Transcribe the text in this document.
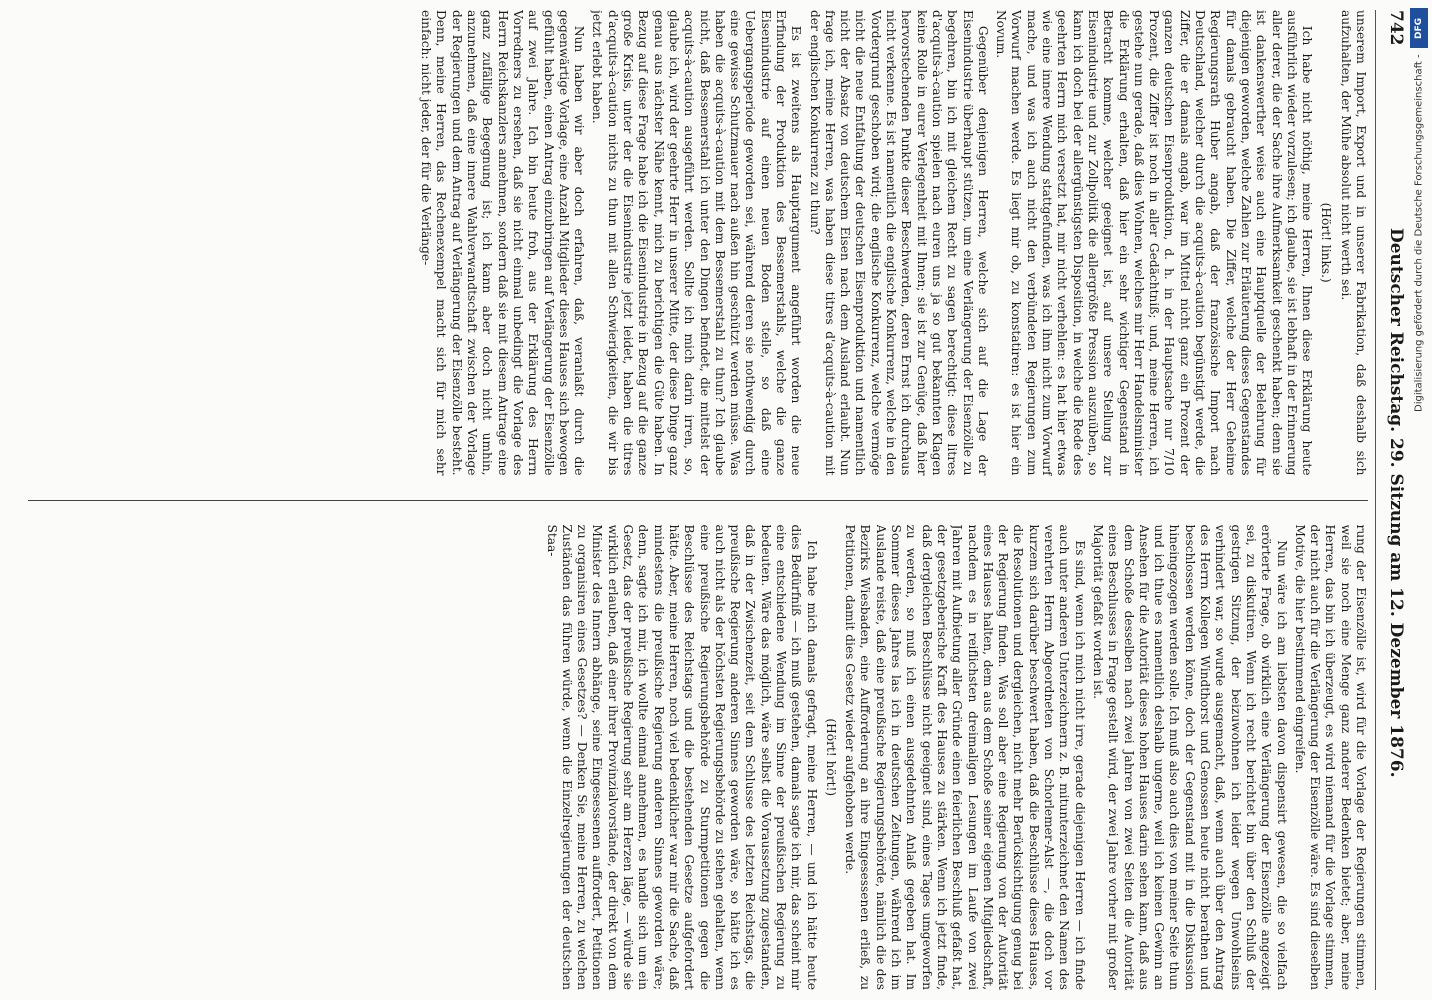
742
Deutscher Reichstag. 29. Sitzung am 12. Dezember 1876.

unserem Import, Export und in unserer Fabrikation, daß deshalb sich aufzuhalten, der Mühe absolut nicht werth sei.

(Hört! links.)

Ich habe nicht nöthig, meine Herren, Ihnen diese Erklärung heute ausführlich wieder vorzulesen; ich glaube, sie ist lebhaft in der Erinnerung aller derer, die der Sache ihre Aufmerksamkeit geschenkt haben; denn sie ist dankenswerther weise auch eine Hauptquelle der Belehrung für diejenigen geworden, welche Zahlen zur Erläuterung dieses Gegenstandes für damals gebraucht haben. Die Ziffer, welche der Herr Geheime Regierungsrath Huber angab, daß der französische Import nach Deutschland, welcher durch die acquits-à-caution begünstigt werde, die Ziffer, die er damals angab, war im Mittel nicht ganz ein Prozent der ganzen deutschen Eisenproduktion, d. h. in der Hauptsache nur 7/10 Prozent, die Ziffer ist noch in aller Gedächtniß; und, meine Herren, ich gestehe nun gerade, daß dies Wohnen, welches mir Herr Handelsminister die Erklärung erhalten, daß hier ein sehr wichtiger Gegenstand in Betracht komme, welcher geeignet ist, auf unsere Stellung zur Eisenindustrie und zur Zollpolitik die allergrößte Pression auszuüben, so kann ich doch bei der allergünstigsten Disposition, in welche die Rede des geehrten Herrn mich versetzt hat, mir nicht verhehlen: es hat hier etwas wie eine innere Wendung stattgefunden, was ich ihm nicht zum Vorwurf mache, und was ich auch nicht den verbündeten Regierungen zum Vorwurf machen werde. Es liegt mir ob, zu konstatiren: es ist hier ein Novum.

Gegenüber denjenigen Herren, welche sich auf die Lage der Eisenindustrie überhaupt stützen, um eine Verlängerung der Eisenzölle zu begehren, bin ich mit gleichem Recht zu sagen berechtigt: diese litres d'acquits-à-caution spielen nach euren uns ja so gut bekannten Klagen keine Rolle in eurer Verlegenheit mit Ihnen; sie ist zur Genüge, daß hier hervorstechenden Punkte dieser Beschwerden, deren Ernst ich durchaus nicht verkenne. Es ist namentlich die englische Konkurrenz, welche in den Vordergrund geschoben wird; die englische Konkurrenz, welche vermöge nicht die neue Entfaltung der deutschen Eisenproduktion und namentlich nicht der Absatz von deutschem Eisen nach dem Ausland erlaubt. Nun frage ich, meine Herren, was haben diese titres d'acquits-à-caution mit der englischen Konkurrenz zu thun?

Es ist zweitens als Hauptargument angeführt worden die neue Erfindung der Produktion des Bessemerstahls, welche die ganze Eisenindustrie auf einen neuen Boden stelle, so daß eine Uebergangsperiode geworden sei, während deren sie nothwendig durch eine gewisse Schutzmauer nach außen hin geschützt werden müsse. Was haben die acquits-à-caution mit dem Bessemerstahl zu thun? Ich glaube nicht, daß Bessemerstahl ich unter den Dingen befindet, die mittelst der acquits-à-caution ausgeführt werden. Sollte ich mich darin irren, so, glaube ich, wird der geehrte Herr in unserer Mitte, der diese Dinge ganz genau aus nächster Nähe kennt, mich zu berichtigen die Güte haben. In Bezug auf diese Frage habe ich die Eisenindustrie in Bezug auf die ganze große Krisis, unter der die Eisenindustrie jetzt leidet, haben die titres d'acquits-à-caution nichts zu thun mit allen Schwierigkeiten, die wir bis jetzt erlebt haben.

Nun haben wir aber doch erfahren, daß, veranlaßt durch die gegenwärtige Vorlage, eine Anzahl Mitglieder dieses Hauses sich bewogen gefühlt haben, einen Antrag einzubringen auf Verlängerung der Eisenzölle auf zwei Jahre. Ich bin heute froh, aus der Erklärung des Herrn Vorredners zu ersehen, daß sie nicht einmal unbedingt die Vorlage des Herrn Reichskanzlers annehmen, sondern daß sie mit diesem Antrage eine ganz zufällige Begegnung ist; ich kann aber doch nicht umhin, anzunehmen, daß eine innere Wahlverwandtschaft zwischen der Vorlage der Regierungen und dem Antrag auf Verlängerung der Eisenzölle besteht. Denn, meine Herren, das Rechenexempel macht sich für mich sehr einfach: nicht jeder, der für die Verlänge-

rung der Eisenzölle ist, wird für die Vorlage der Regierungen stimmen, weil sie noch eine Menge ganz anderer Bedenken bietet; aber, meine Herren, das bin ich überzeugt, es wird niemand für die Vorlage stimmen, der nicht auch für die Verlängerung der Eisenzölle wäre. Es sind dieselben Motive, die hier bestimmend eingreifen.

Nun wäre ich am liebsten davon dispensirt gewesen, die so vielfach erörterte Frage, ob wirklich eine Verlängerung der Eisenzölle angezeigt sei, zu diskutiren. Wenn ich recht berichtet bin über den Schluß der gestrigen Sitzung, der beizuwohnen ich leider wegen Unwohlseins verhindert war, so wurde ausgemacht, daß, wenn auch über den Antrag des Herrn Kollegen Windthorst und Genossen heute nicht berathen und beschlossen werden könne, doch der Gegenstand mit in die Diskussion hineingezogen werden solle. Ich muß also auch dies von meiner Seite thun und ich thue es namentlich deshalb ungerne, weil ich keinen Gewinn an Ansehen für die Autorität dieses hohen Hauses darin sehen kann, daß aus dem Schoße desselben nach zwei Jahren von zwei Seiten die Autorität eines Beschlusses in Frage gestellt wird, der zwei Jahre vorher mit großer Majorität gefaßt worden ist.

Es sind, wenn ich mich nicht irre, gerade diejenigen Herren — ich finde auch unter anderen Unterzeichnern z. B. mitunterzeichnet den Namen des verehrten Herrn Abgeordneten von Schorlemer-Alst —, die doch vor kurzem sich darüber beschwert haben, daß die Beschlüsse dieses Hauses, die Resolutionen und dergleichen, nicht mehr Berücksichtigung genug bei der Regierung finden. Was soll aber eine Regierung von der Autorität eines Hauses halten, dem aus dem Schoße seiner eigenen Mitgliedschaft, nachdem es in reiflichsten dreimaligen Lesungen im Laufe von zwei Jahren mit Aufbietung aller Gründe einen feierlichen Beschluß gefaßt hat, der gesetzgeberische Kraft des Hauses zu stärken. Wenn ich jetzt finde, daß dergleichen Beschlüsse nicht geeignet sind, eines Tages umgeworfen zu werden, so muß ich einen ausgedehnten Anlaß gegeben hat. Im Sommer dieses Jahres las ich in deutschen Zeitungen, während ich im Auslande reiste, daß eine preußische Regierungsbehörde, nämlich die des Bezirks Wiesbaden, eine Aufforderung an ihre Eingesessenen erließ, zu Petitionen, damit dies Gesetz wieder aufgehoben werde.

(Hört! hört!)

Ich habe mich damals gefragt, meine Herren, — und ich hätte heute dies Bedürfniß — ich muß gestehen, damals sagte ich mir, das scheint mir eine entschiedene Wendung im Sinne der preußischen Regierung zu bedeuten. Wäre das möglich, wäre selbst die Voraussetzung zugestanden, daß in der Zwischenzeit, seit dem Schlusse des letzten Reichstags, die preußische Regierung anderen Sinnes geworden wäre, so hätte ich es auch nicht als der höchsten Regierungsbehörde zu stehen gehalten, wenn eine preußische Regierungsbehörde zu Sturmpetitionen gegen die Beschlüsse des Reichstags und die bestehenden Gesetze aufgefordert hätte. Aber, meine Herren, noch viel bedenklicher war mir die Sache, daß mindestens die preußische Regierung anderen Sinnes geworden wäre; denn, sagte ich mir, ich wollte einmal annehmen, es handle sich um ein Gesetz, das der preußische Regierung sehr am Herzen läge, — würde sie wirklich erlauben, daß einer ihrer Provinzialvorstände, der direkt von dem Minister des Innern abhänge, seine Eingesessenen auffordert, Petitionen zu organisiren eines Gesetzes? — Denken Sie, meine Herren, zu welchen Zuständen das führen würde, wenn die Einzelregierungen der deutschen Staa-

DFG
Digitalisierung gefördert durch die Deutsche Forschungsgemeinschaft -
